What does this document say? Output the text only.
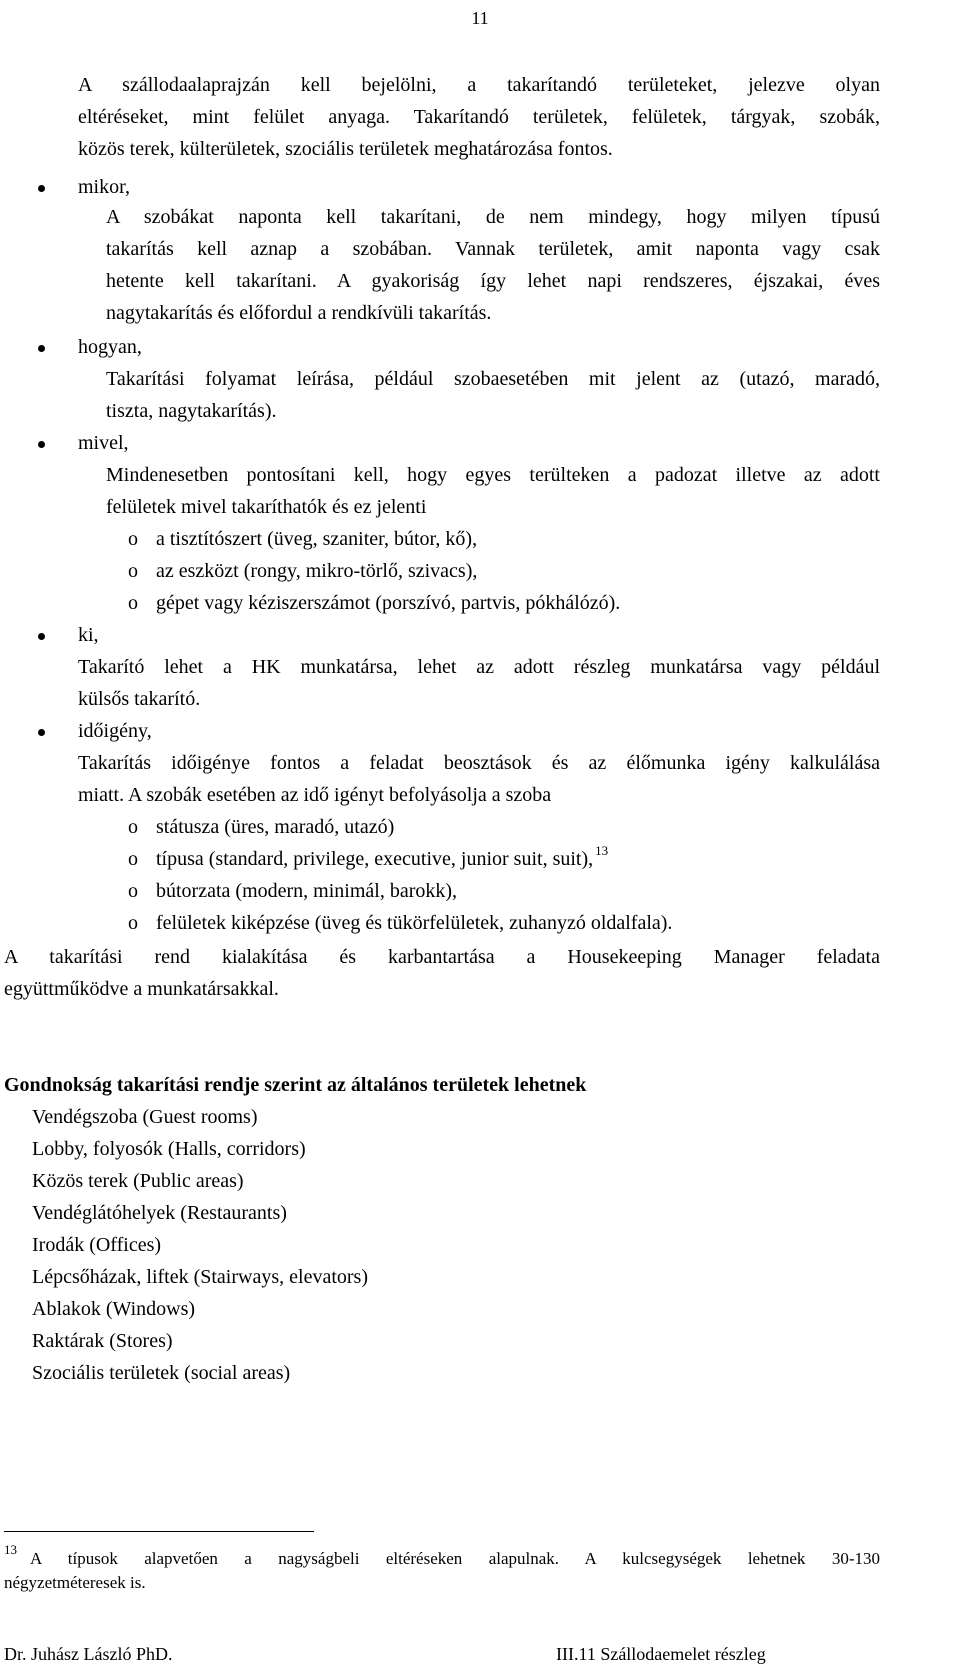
11
A szállodaalaprajzán kell bejelölni, a takarítandó területeket, jelezve olyan
eltéréseket, mint felület anyaga. Takarítandó területek, felületek, tárgyak, szobák,
közös terek, külterületek, szociális területek meghatározása fontos.
mikor,
A szobákat naponta kell takarítani, de nem mindegy, hogy milyen típusú
takarítás kell aznap a szobában. Vannak területek, amit naponta vagy csak
hetente kell takarítani. A gyakoriság így lehet napi rendszeres, éjszakai, éves
nagytakarítás és előfordul a rendkívüli takarítás.
hogyan,
Takarítási folyamat leírása, például szobaesetében mit jelent az (utazó, maradó,
tiszta, nagytakarítás).
mivel,
Mindenesetben pontosítani kell, hogy egyes terülteken a padozat illetve az adott
felületek mivel takaríthatók és ez jelenti
o a tisztítószert (üveg, szaniter, bútor, kő),
o az eszközt (rongy, mikro-törlő, szivacs),
o gépet vagy kéziszerszámot (porszívó, partvis, pókhálózó).
ki,
Takarító lehet a HK munkatársa, lehet az adott részleg munkatársa vagy például
külsős takarító.
időigény,
Takarítás időigénye fontos a feladat beosztások és az élőmunka igény kalkulálása
miatt. A szobák esetében az idő igényt befolyásolja a szoba
o státusza (üres, maradó, utazó)
o típusa (standard, privilege, executive, junior suit, suit), $^{13}$
o bútorzata (modern, minimál, barokk),
o felületek kiképzése (üveg és tükörfelületek, zuhanyzó oldalfala).
A takarítási rend kialakítása és karbantartása a Housekeeping Manager feladata
együttműködve a munkatársakkal.
Gondnokság takarítási rendje szerint az általános területek lehetnek
Vendégszoba (Guest rooms)
Lobby, folyosók (Halls, corridors)
Közös terek (Public areas)
Vendéglátóhelyek (Restaurants)
Irodák (Offices)
Lépcsőházak, liftek (Stairways, elevators)
Ablakok (Windows)
Raktárak (Stores)
Szociális területek (social areas)
13 A típusok alapvetően a nagyságbeli eltéréseken alapulnak. A kulcsegységek lehetnek 30-130
négyzetméteresek is.
Dr. Juhász László PhD.	III.11 Szállodaemelet részleg
